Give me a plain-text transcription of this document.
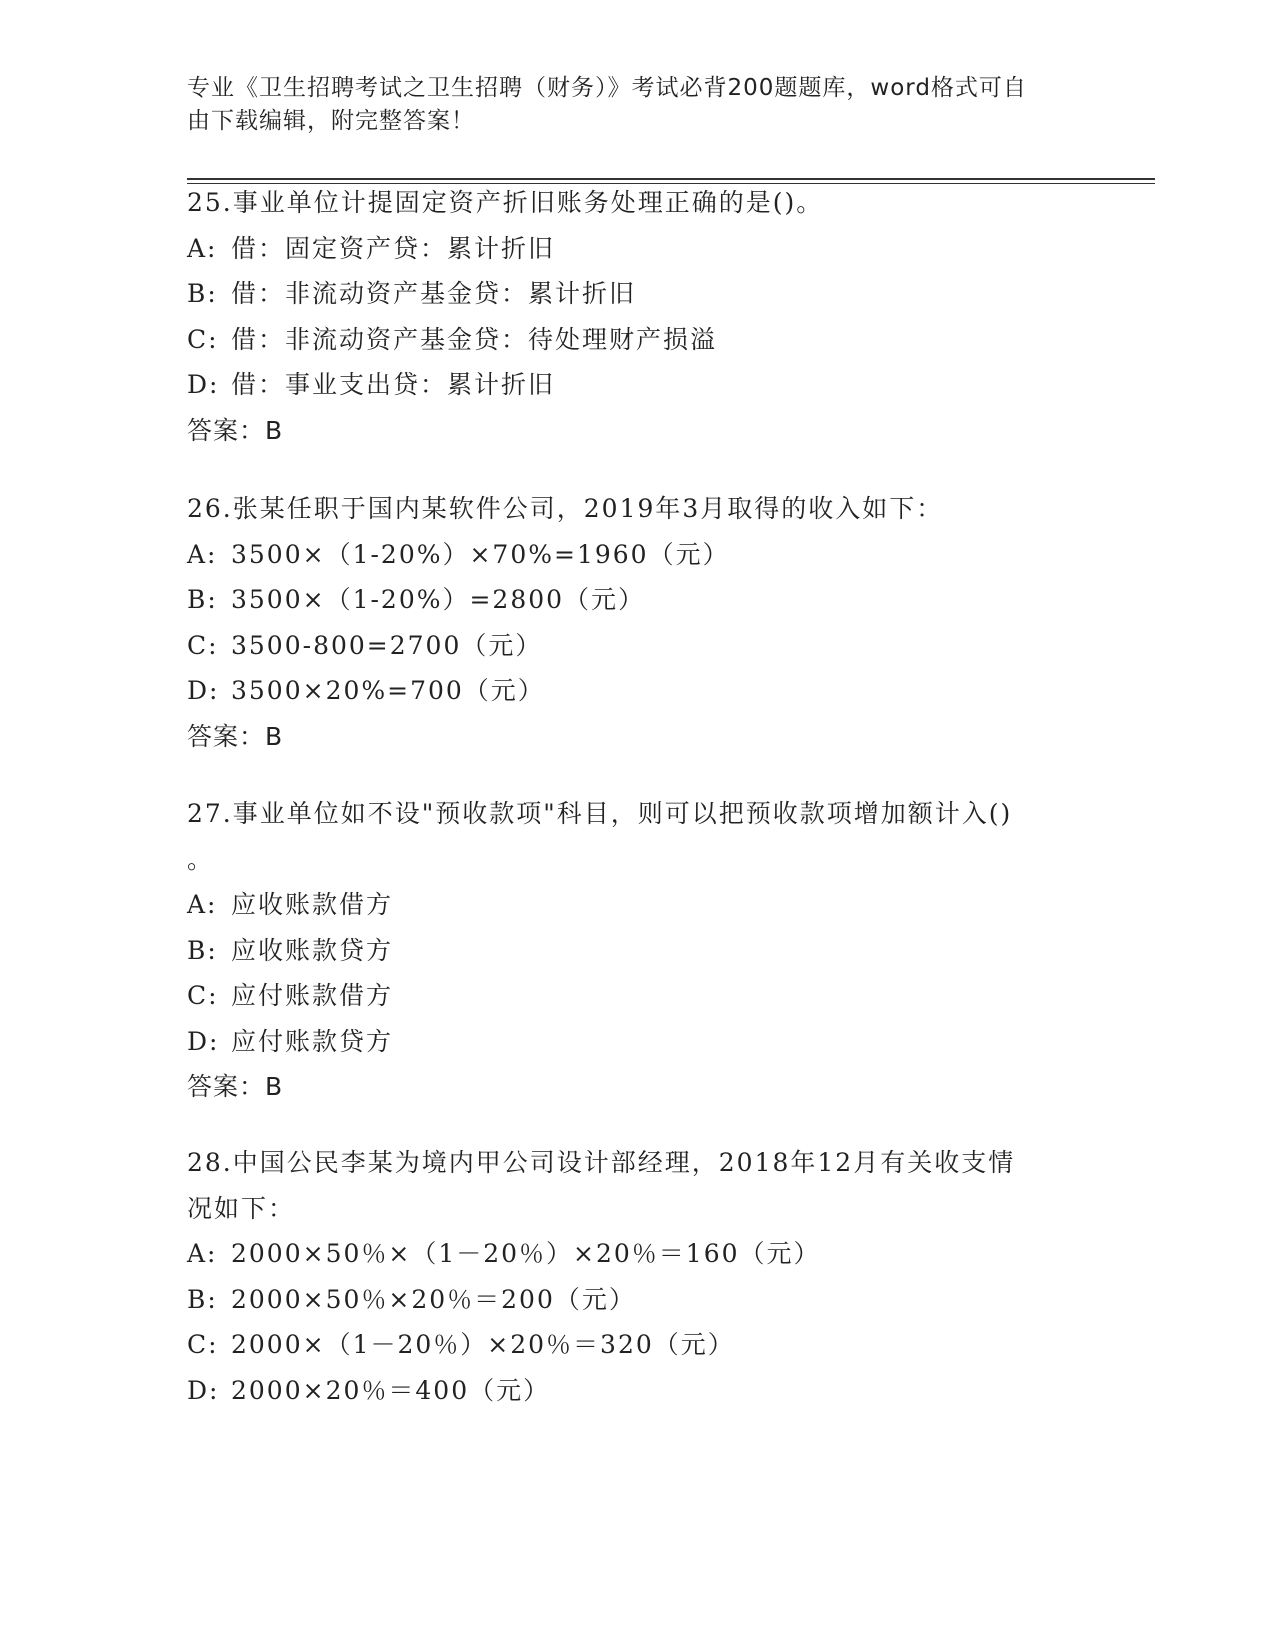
专业《卫生招聘考试之卫生招聘（财务）》考试必背200题题库，word格式可自
由下载编辑，附完整答案！
25.事业单位计提固定资产折旧账务处理正确的是()。
A: 借：固定资产贷：累计折旧
B: 借：非流动资产基金贷：累计折旧
C: 借：非流动资产基金贷：待处理财产损溢
D: 借：事业支出贷：累计折旧
答案：B
26.张某任职于国内某软件公司，2019年3月取得的收入如下：
A: 3500×（1-20%）×70%=1960（元）
B: 3500×（1-20%）=2800（元）
C: 3500-800=2700（元）
D: 3500×20%=700（元）
答案：B
27.事业单位如不设"预收款项"科目，则可以把预收款项增加额计入()
。
A: 应收账款借方
B: 应收账款贷方
C: 应付账款借方
D: 应付账款贷方
答案：B
28.中国公民李某为境内甲公司设计部经理，2018年12月有关收支情
况如下：
A: 2000×50％×（1－20％）×20％＝160（元）
B: 2000×50％×20％＝200（元）
C: 2000×（1－20％）×20％＝320（元）
D: 2000×20％＝400（元）
